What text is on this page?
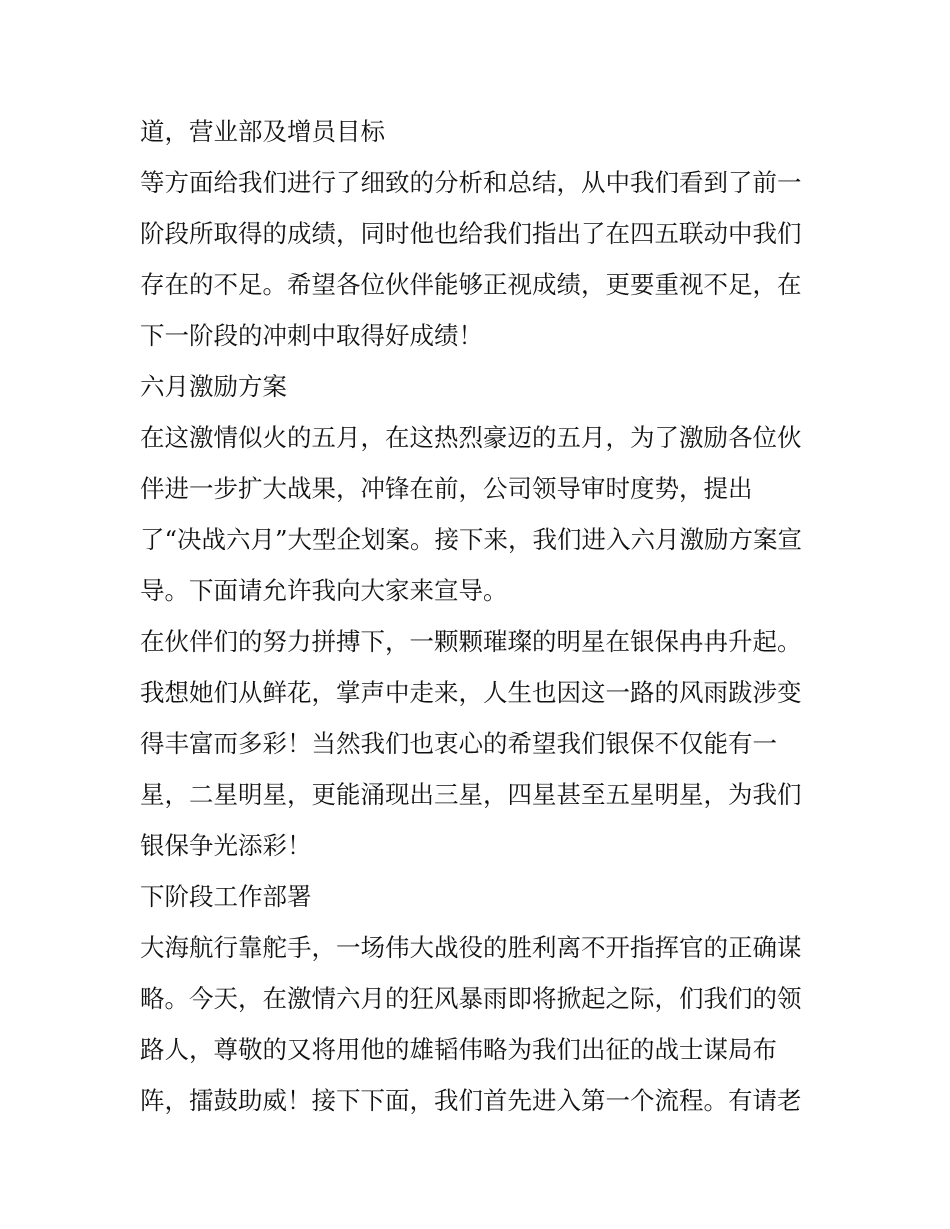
道，营业部及增员目标

等方面给我们进行了细致的分析和总结，从中我们看到了前一

阶段所取得的成绩，同时他也给我们指出了在四五联动中我们

存在的不足。希望各位伙伴能够正视成绩，更要重视不足，在

下一阶段的冲刺中取得好成绩！

六月激励方案

在这激情似火的五月，在这热烈豪迈的五月，为了激励各位伙

伴进一步扩大战果，冲锋在前，公司领导审时度势，提出

了“决战六月”大型企划案。接下来，我们进入六月激励方案宣

导。下面请允许我向大家来宣导。

在伙伴们的努力拼搏下，一颗颗璀璨的明星在银保冉冉升起。

我想她们从鲜花，掌声中走来，人生也因这一路的风雨跋涉变

得丰富而多彩！当然我们也衷心的希望我们银保不仅能有一

星，二星明星，更能涌现出三星，四星甚至五星明星，为我们

银保争光添彩！

下阶段工作部署

大海航行靠舵手，一场伟大战役的胜利离不开指挥官的正确谋

略。今天，在激情六月的狂风暴雨即将掀起之际，们我们的领

路人，尊敬的又将用他的雄韬伟略为我们出征的战士谋局布

阵，擂鼓助威！接下下面，我们首先进入第一个流程。有请老
